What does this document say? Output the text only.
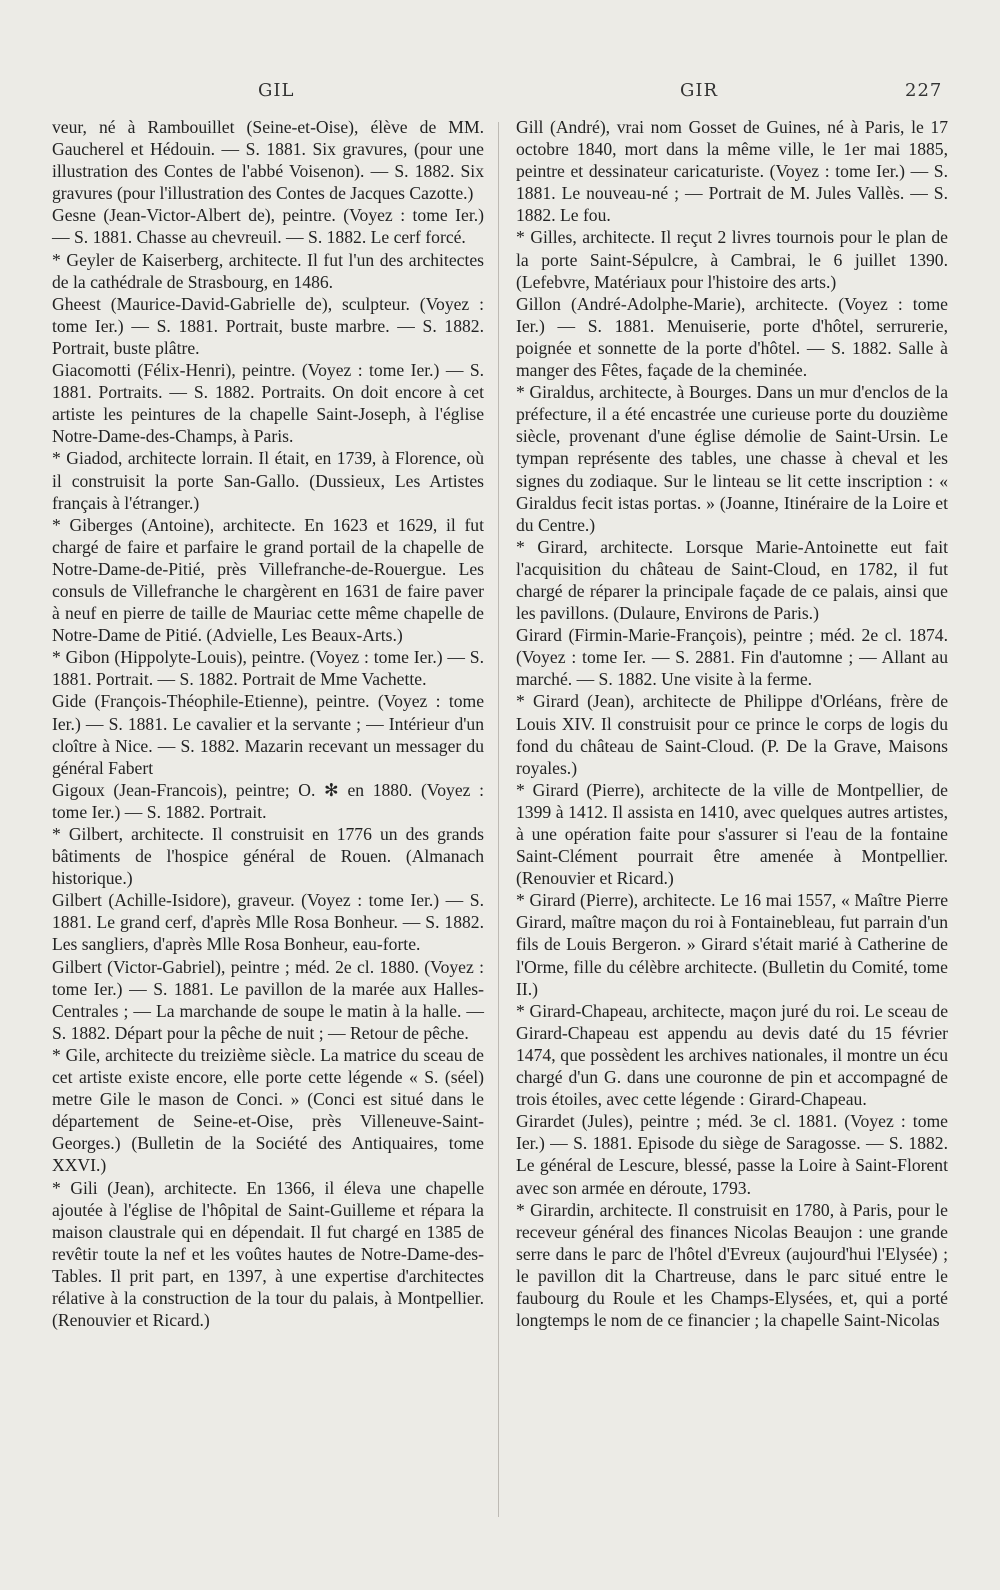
GIL	GIR	227

veur, né à Rambouillet (Seine-et-Oise), élève de MM. Gaucherel et Hédouin. — S. 1881. Six gravures, (pour une illustration des Contes de l'abbé Voisenon). — S. 1882. Six gravures (pour l'illustration des Contes de Jacques Cazotte.)

Gesne (Jean-Victor-Albert de), peintre. (Voyez : tome Ier.) — S. 1881. Chasse au chevreuil. — S. 1882. Le cerf forcé.

* Geyler de Kaiserberg, architecte. Il fut l'un des architectes de la cathédrale de Strasbourg, en 1486.

Gheest (Maurice-David-Gabrielle de), sculpteur. (Voyez : tome Ier.) — S. 1881. Portrait, buste marbre. — S. 1882. Portrait, buste plâtre.

Giacomotti (Félix-Henri), peintre. (Voyez : tome Ier.) — S. 1881. Portraits. — S. 1882. Portraits. On doit encore à cet artiste les peintures de la chapelle Saint-Joseph, à l'église Notre-Dame-des-Champs, à Paris.

* Giadod, architecte lorrain. Il était, en 1739, à Florence, où il construisit la porte San-Gallo. (Dussieux, Les Artistes français à l'étranger.)

* Giberges (Antoine), architecte. En 1623 et 1629, il fut chargé de faire et parfaire le grand portail de la chapelle de Notre-Dame-de-Pitié, près Villefranche-de-Rouergue. Les consuls de Villefranche le chargèrent en 1631 de faire paver à neuf en pierre de taille de Mauriac cette même chapelle de Notre-Dame de Pitié. (Advielle, Les Beaux-Arts.)

* Gibon (Hippolyte-Louis), peintre. (Voyez : tome Ier.) — S. 1881. Portrait. — S. 1882. Portrait de Mme Vachette.

Gide (François-Théophile-Etienne), peintre. (Voyez : tome Ier.) — S. 1881. Le cavalier et la servante ; — Intérieur d'un cloître à Nice. — S. 1882. Mazarin recevant un messager du général Fabert

Gigoux (Jean-Francois), peintre; O. ✻ en 1880. (Voyez : tome Ier.) — S. 1882. Portrait.

* Gilbert, architecte. Il construisit en 1776 un des grands bâtiments de l'hospice général de Rouen. (Almanach historique.)

Gilbert (Achille-Isidore), graveur. (Voyez : tome Ier.) — S. 1881. Le grand cerf, d'après Mlle Rosa Bonheur. — S. 1882. Les sangliers, d'après Mlle Rosa Bonheur, eau-forte.

Gilbert (Victor-Gabriel), peintre ; méd. 2e cl. 1880. (Voyez : tome Ier.) — S. 1881. Le pavillon de la marée aux Halles-Centrales ; — La marchande de soupe le matin à la halle. — S. 1882. Départ pour la pêche de nuit ; — Retour de pêche.

* Gile, architecte du treizième siècle. La matrice du sceau de cet artiste existe encore, elle porte cette légende « S. (séel) metre Gile le mason de Conci. » (Conci est situé dans le département de Seine-et-Oise, près Villeneuve-Saint-Georges.) (Bulletin de la Société des Antiquaires, tome XXVI.)

* Gili (Jean), architecte. En 1366, il éleva une chapelle ajoutée à l'église de l'hôpital de Saint-Guilleme et répara la maison claustrale qui en dépendait. Il fut chargé en 1385 de revêtir toute la nef et les voûtes hautes de Notre-Dame-des-Tables. Il prit part, en 1397, à une expertise d'architectes rélative à la construction de la tour du palais, à Montpellier. (Renouvier et Ricard.)

Gill (André), vrai nom Gosset de Guines, né à Paris, le 17 octobre 1840, mort dans la même ville, le 1er mai 1885, peintre et dessinateur caricaturiste. (Voyez : tome Ier.) — S. 1881. Le nouveau-né ; — Portrait de M. Jules Vallès. — S. 1882. Le fou.

* Gilles, architecte. Il reçut 2 livres tournois pour le plan de la porte Saint-Sépulcre, à Cambrai, le 6 juillet 1390. (Lefebvre, Matériaux pour l'histoire des arts.)

Gillon (André-Adolphe-Marie), architecte. (Voyez : tome Ier.) — S. 1881. Menuiserie, porte d'hôtel, serrurerie, poignée et sonnette de la porte d'hôtel. — S. 1882. Salle à manger des Fêtes, façade de la cheminée.

* Giraldus, architecte, à Bourges. Dans un mur d'enclos de la préfecture, il a été encastrée une curieuse porte du douzième siècle, provenant d'une église démolie de Saint-Ursin. Le tympan représente des tables, une chasse à cheval et les signes du zodiaque. Sur le linteau se lit cette inscription : « Giraldus fecit istas portas. » (Joanne, Itinéraire de la Loire et du Centre.)

* Girard, architecte. Lorsque Marie-Antoinette eut fait l'acquisition du château de Saint-Cloud, en 1782, il fut chargé de réparer la principale façade de ce palais, ainsi que les pavillons. (Dulaure, Environs de Paris.)

Girard (Firmin-Marie-François), peintre ; méd. 2e cl. 1874. (Voyez : tome Ier. — S. 2881. Fin d'automne ; — Allant au marché. — S. 1882. Une visite à la ferme.

* Girard (Jean), architecte de Philippe d'Orléans, frère de Louis XIV. Il construisit pour ce prince le corps de logis du fond du château de Saint-Cloud. (P. De la Grave, Maisons royales.)

* Girard (Pierre), architecte de la ville de Montpellier, de 1399 à 1412. Il assista en 1410, avec quelques autres artistes, à une opération faite pour s'assurer si l'eau de la fontaine Saint-Clément pourrait être amenée à Montpellier. (Renouvier et Ricard.)

* Girard (Pierre), architecte. Le 16 mai 1557, « Maître Pierre Girard, maître maçon du roi à Fontainebleau, fut parrain d'un fils de Louis Bergeron. » Girard s'était marié à Catherine de l'Orme, fille du célèbre architecte. (Bulletin du Comité, tome II.)

* Girard-Chapeau, architecte, maçon juré du roi. Le sceau de Girard-Chapeau est appendu au devis daté du 15 février 1474, que possèdent les archives nationales, il montre un écu chargé d'un G. dans une couronne de pin et accompagné de trois étoiles, avec cette légende : Girard-Chapeau.

Girardet (Jules), peintre ; méd. 3e cl. 1881. (Voyez : tome Ier.) — S. 1881. Episode du siège de Saragosse. — S. 1882. Le général de Lescure, blessé, passe la Loire à Saint-Florent avec son armée en déroute, 1793.

* Girardin, architecte. Il construisit en 1780, à Paris, pour le receveur général des finances Nicolas Beaujon : une grande serre dans le parc de l'hôtel d'Evreux (aujourd'hui l'Elysée) ; le pavillon dit la Chartreuse, dans le parc situé entre le faubourg du Roule et les Champs-Elysées, et, qui a porté longtemps le nom de ce financier ; la chapelle Saint-Nicolas
